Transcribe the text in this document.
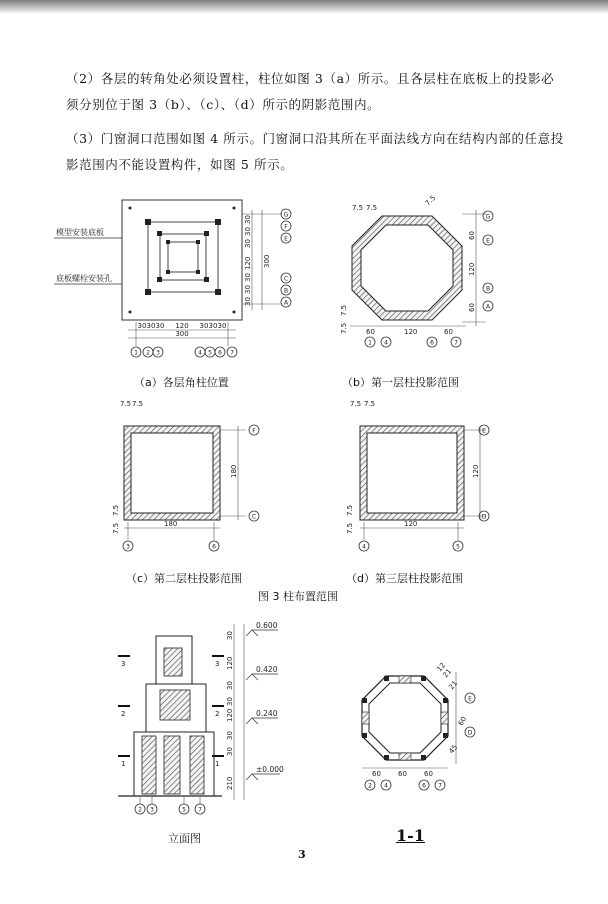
（2）各层的转角处必须设置柱，柱位如图 3（a）所示。且各层柱在底板上的投影必须分别位于图 3（b）、（c）、（d）所示的阴影范围内。

（3）门窗洞口范围如图 4 所示。门窗洞口沿其所在平面法线方向在结构内部的任意投影范围内不能设置构件，如图 5 所示。

模型安装底板
底板螺栓安装孔
30
30
30
120
30
30
30
300
G
F
E
C
B
A
30 30 30 120 30 30 30
300
1 2 3	4 5 6 7
7.5 7.5
7.5
7.5
7.5
60
120
60
60	120	60
G
E
B
A
1 4	6	7
7.5 7.5
7.5
7.5
180
180
F
C
3	6
7.5 7.5
7.5
7.5
120
120
E
D
4	5
3	3
2	2
1	1
30
120
30
30
120
30
30
210
0.600
0.420
0.240
±0.000
2 3	5 7
60
12
21
21
45
60 60 60
E
D
2 4	6 7
（a）各层角柱位置	（b）第一层柱投影范围
（c）第二层柱投影范围	（d）第三层柱投影范围
图 3 柱布置范围
立面图	1-1
3
